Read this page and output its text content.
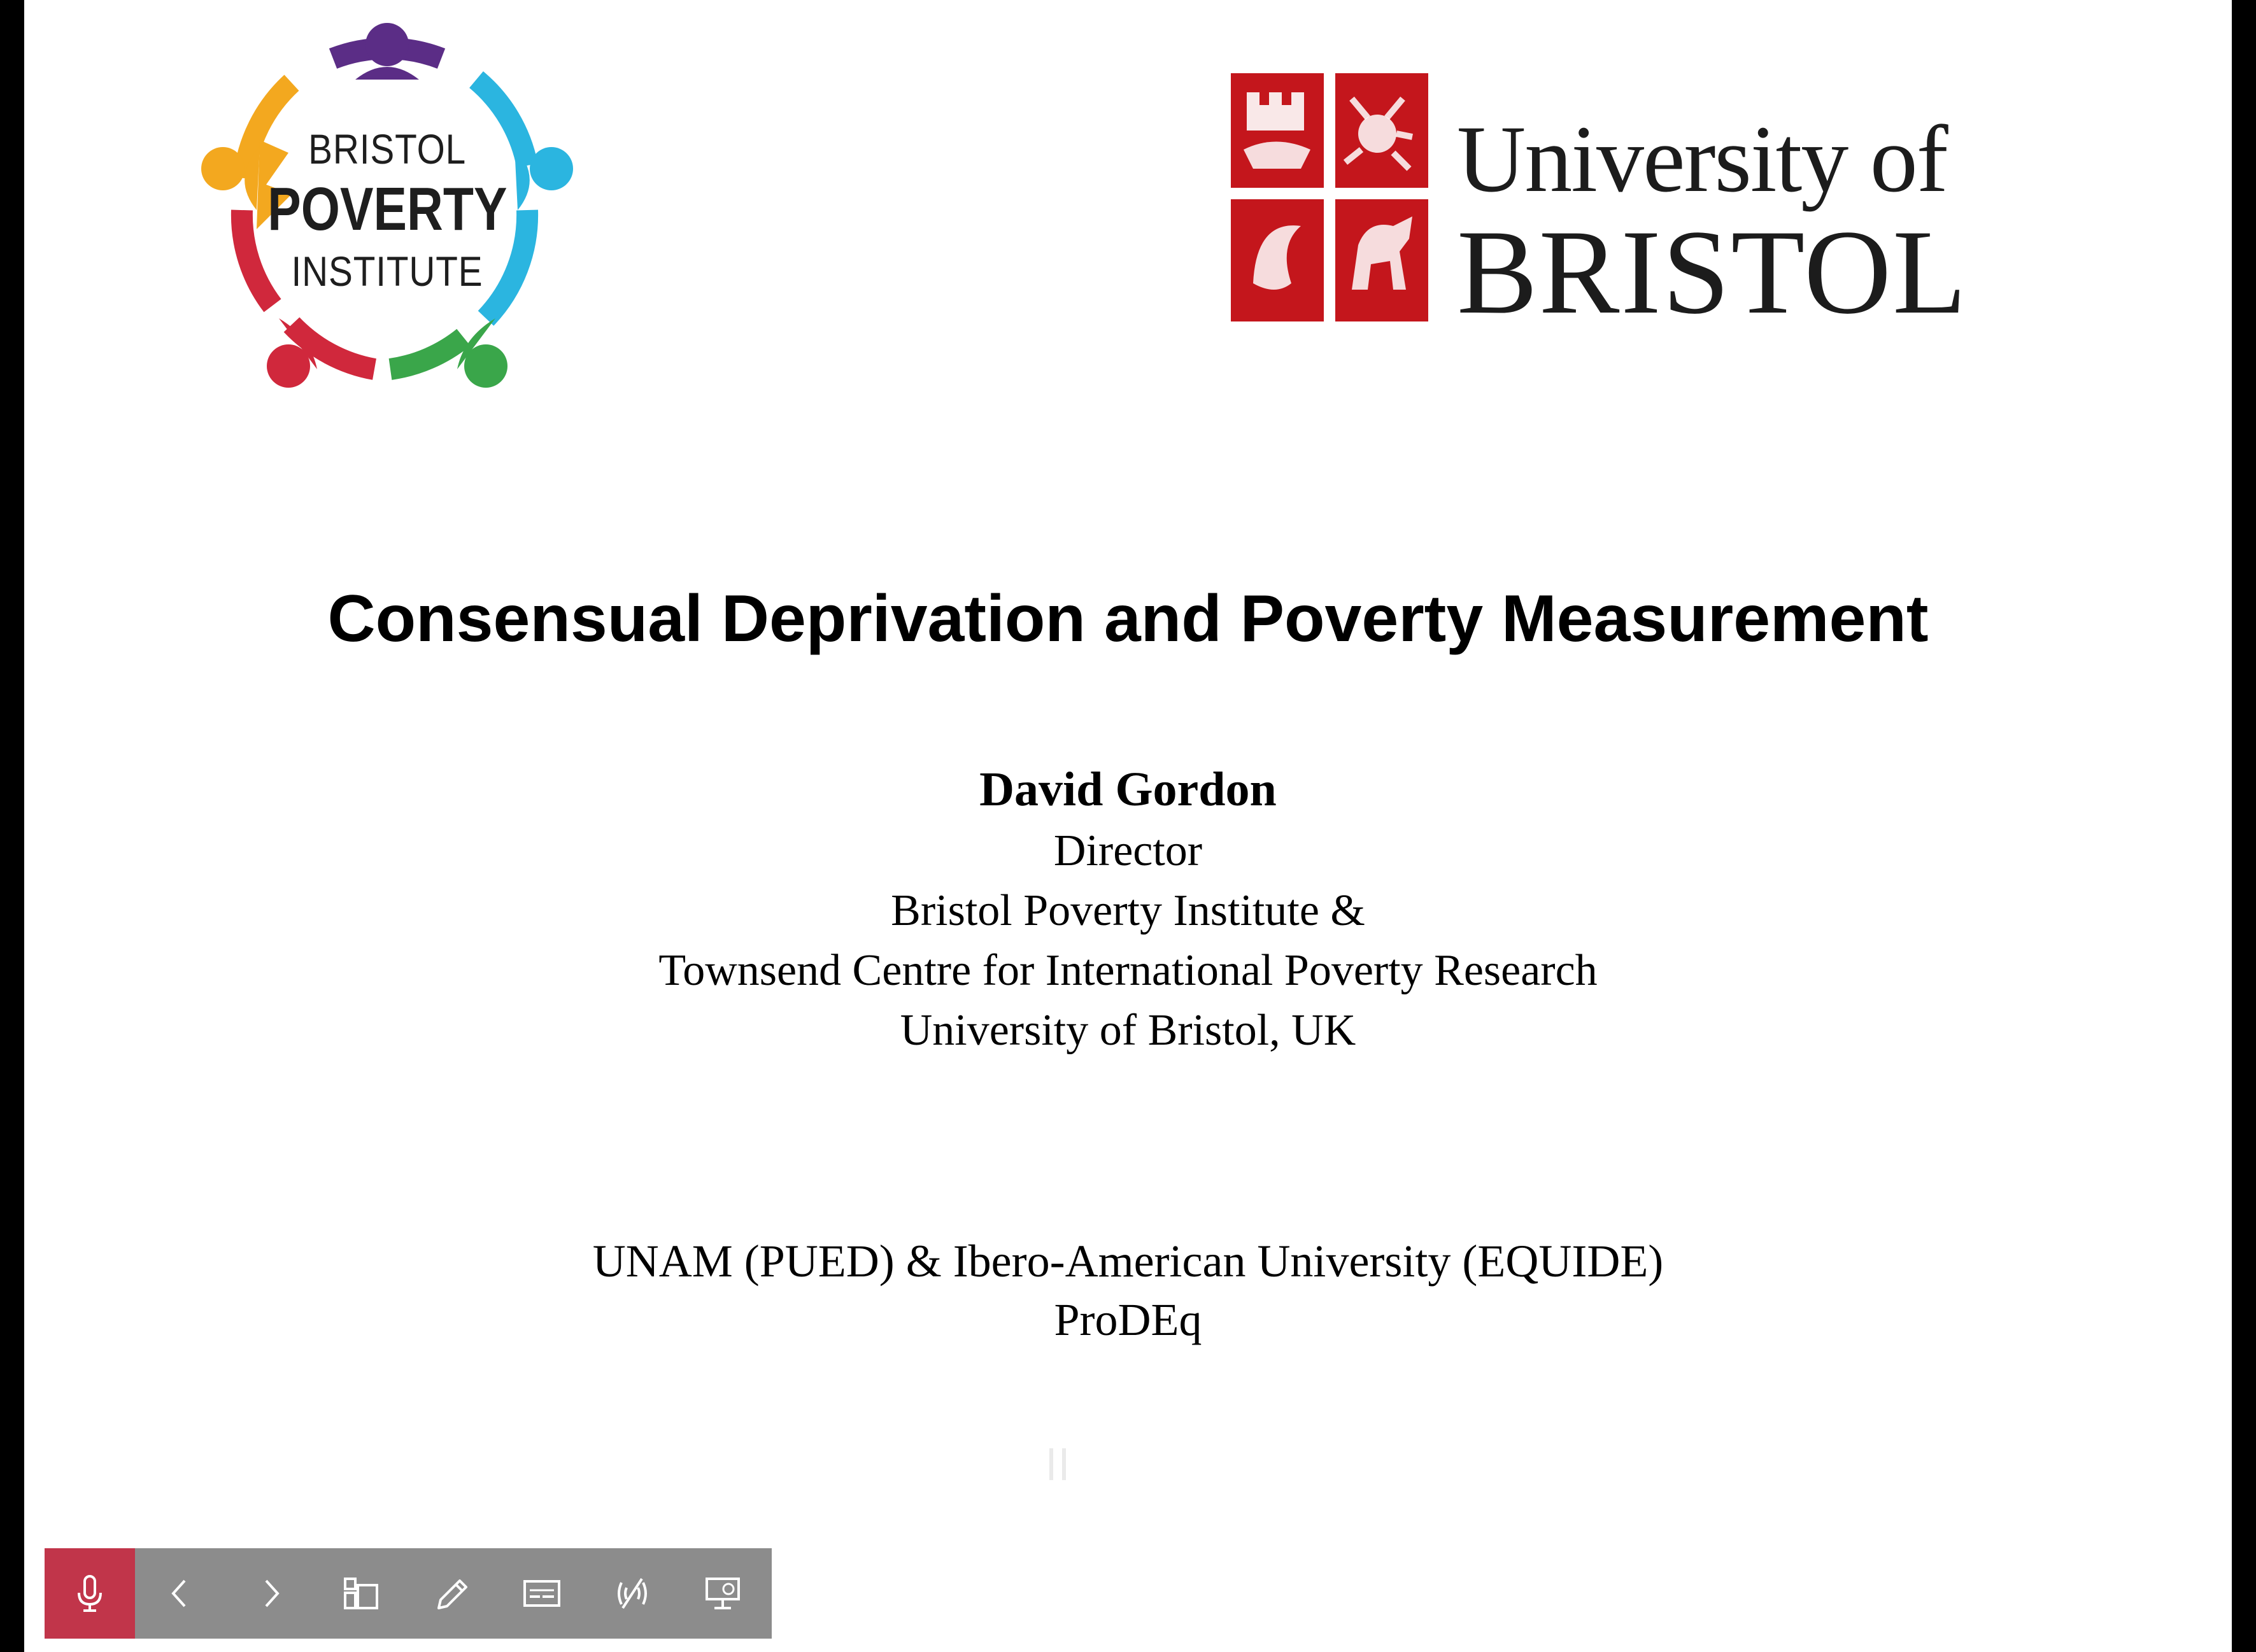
BRISTOL
POVERTY
INSTITUTE
University of
BRISTOL
Consensual Deprivation and Poverty Measurement
David Gordon
Director
Bristol Poverty Institute &
Townsend Centre for International Poverty Research
University of Bristol, UK
UNAM (PUED) & Ibero-American University (EQUIDE)
ProDEq
